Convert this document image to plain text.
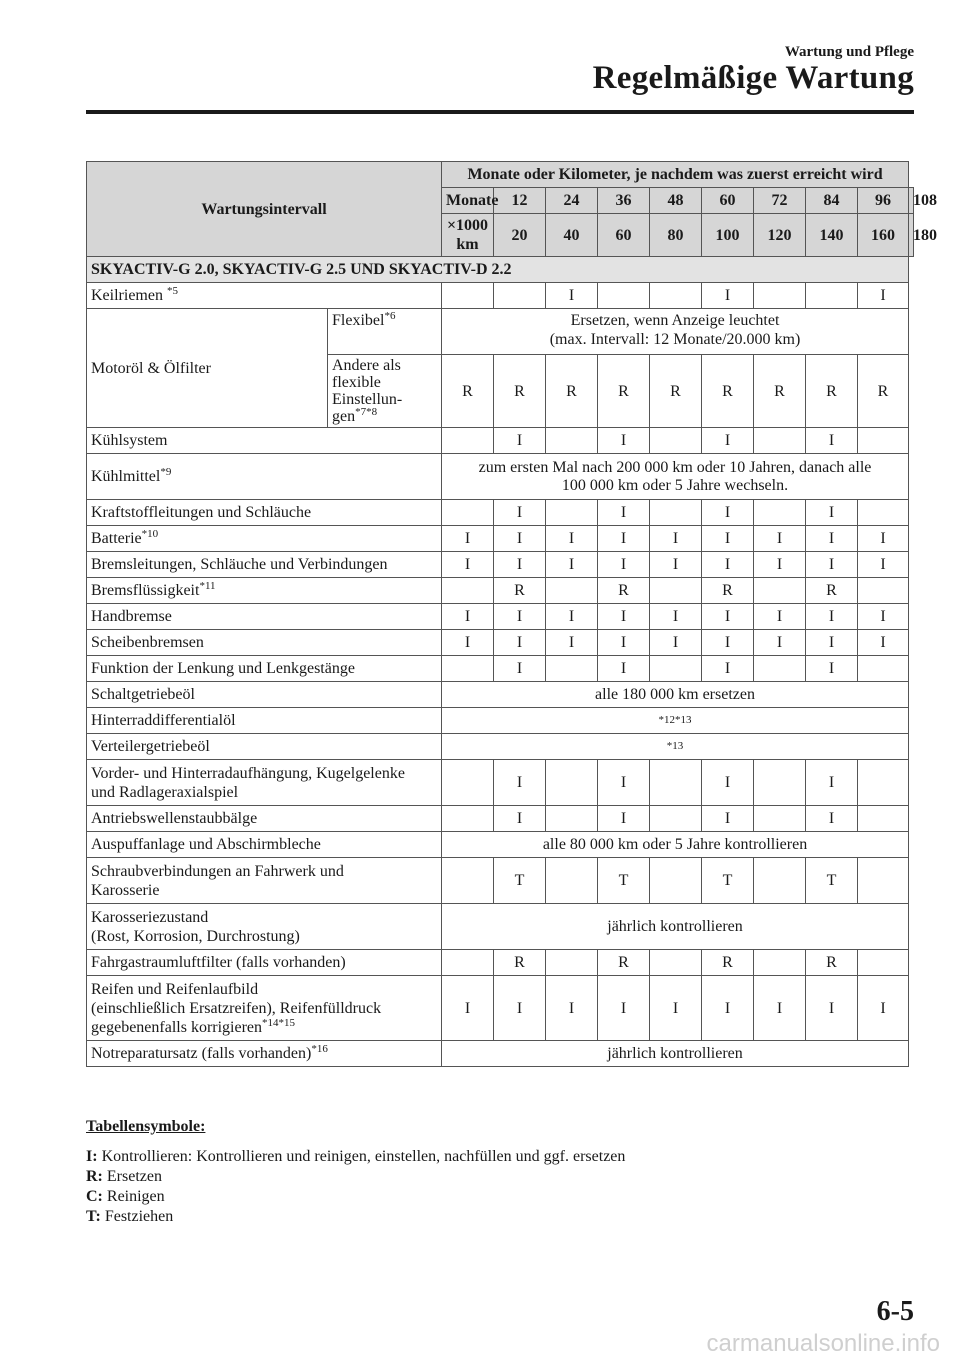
Wartung und Pflege
Regelmäßige Wartung
Wartungsintervall		Monate oder Kilometer, je nachdem was zuerst erreicht wird									
		Monate	12	24	36	48	60	72	84	96	108
		×1000 km	20	40	60	80	100	120	140	160	180
SKYACTIV-G 2.0, SKYACTIV-G 2.5 UND SKYACTIV-D 2.2											
Keilriemen $^{*5}$				I			I			I	
Motoröl & Ölfilter	Flexibel$^{*6}$	Ersetzen, wenn Anzeige leuchtet
(max. Intervall: 12 Monate/20.000 km)									
	Andere als
flexible
Einstellun-
gen$^{*7*8}$	R	R	R	R	R	R	R	R	R	
Kühlsystem			I		I		I		I		
Kühlmittel$^{*9}$		zum ersten Mal nach 200 000 km oder 10 Jahren, danach alle
100 000 km oder 5 Jahre wechseln.									
Kraftstoffleitungen und Schläuche			I		I		I		I		
Batterie$^{*10}$		I	I	I	I	I	I	I	I	I	
Bremsleitungen, Schläuche und Verbindungen		I	I	I	I	I	I	I	I	I	
Bremsflüssigkeit$^{*11}$			R		R		R		R		
Handbremse		I	I	I	I	I	I	I	I	I	
Scheibenbremsen		I	I	I	I	I	I	I	I	I	
Funktion der Lenkung und Lenkgestänge			I		I		I		I		
Schaltgetriebeöl		alle 180 000 km ersetzen									
Hinterraddifferentialöl		*12*13									
Verteilergetriebeöl		*13									
Vorder- und Hinterradaufhängung, Kugelgelenke
und Radlageraxialspiel			I		I		I		I		
Antriebswellenstaubbälge			I		I		I		I		
Auspuffanlage und Abschirmbleche		alle 80 000 km oder 5 Jahre kontrollieren									
Schraubverbindungen an Fahrwerk und
Karosserie			T		T		T		T		
Karosseriezustand
(Rost, Korrosion, Durchrostung)		jährlich kontrollieren									
Fahrgastraumluftfilter (falls vorhanden)			R		R		R		R		
Reifen und Reifenlaufbild
(einschließlich Ersatzreifen), Reifenfülldruck
gegebenenfalls korrigieren$^{*14*15}$		I	I	I	I	I	I	I	I	I	
Notreparatursatz (falls vorhanden)$^{*16}$		jährlich kontrollieren									
Tabellensymbole:
I: Kontrollieren: Kontrollieren und reinigen, einstellen, nachfüllen und ggf. ersetzen
R: Ersetzen
C: Reinigen
T: Festziehen
6-5
carmanualsonline.info
